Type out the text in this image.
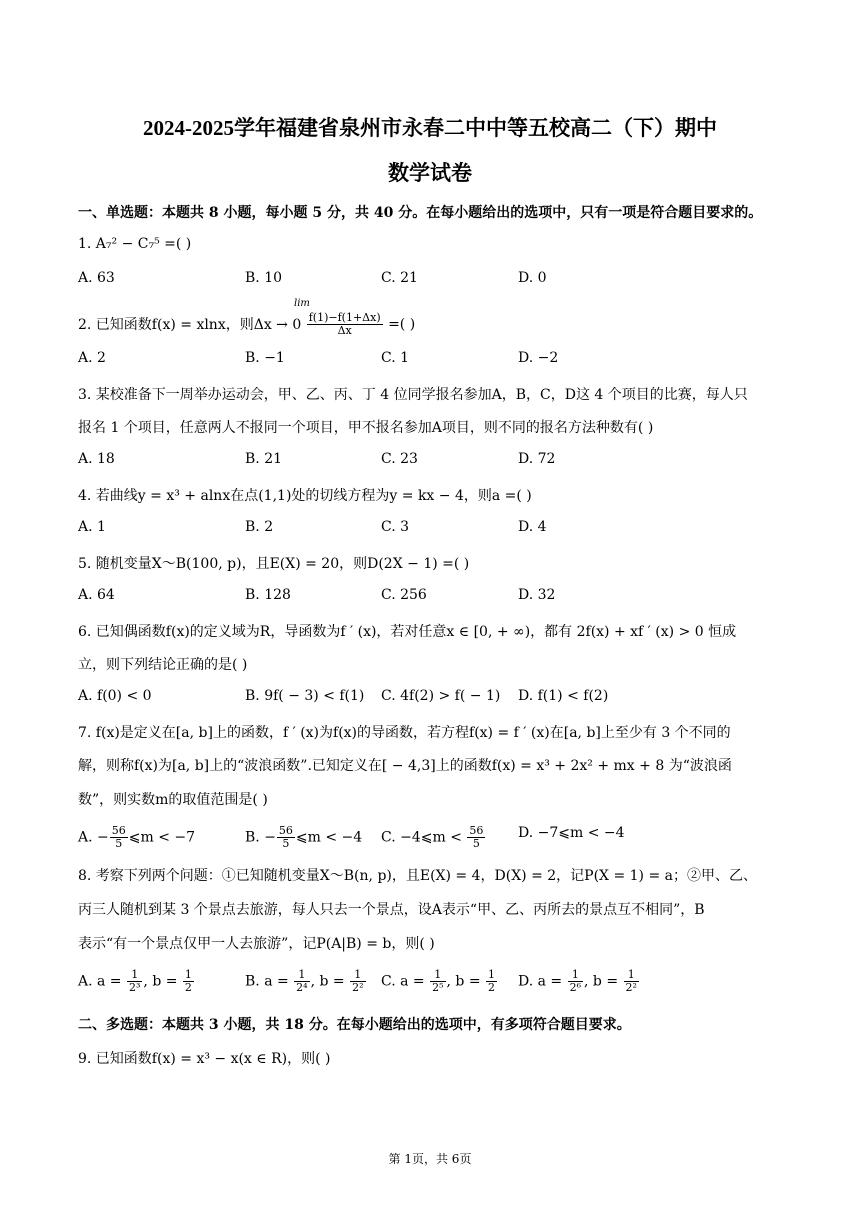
2024-2025学年福建省泉州市永春二中中等五校高二（下）期中
数学试卷
一、单选题：本题共 8 小题，每小题 5 分，共 40 分。在每小题给出的选项中，只有一项是符合题目要求的。
1. A₇² − C₇⁵ =( )
A. 63	B. 10	C. 21	D. 0
2. 已知函数f(x) = xlnx，则Δx → 0
lim

$\frac{f(1)-f(1+\Delta x)}{\Delta x}$ =( )
A. 2	B. −1	C. 1	D. −2
3. 某校准备下一周举办运动会，甲、乙、丙、丁 4 位同学报名参加A，B，C，D这 4 个项目的比赛，每人只
报名 1 个项目，任意两人不报同一个项目，甲不报名参加A项目，则不同的报名方法种数有( )
A. 18	B. 21	C. 23	D. 72
4. 若曲线y = x³ + alnx在点(1,1)处的切线方程为y = kx − 4，则a =( )
A. 1	B. 2	C. 3	D. 4
5. 随机变量X～B(100, p)，且E(X) = 20，则D(2X − 1) =( )
A. 64	B. 128	C. 256	D. 32
6. 已知偶函数f(x)的定义域为R，导函数为f ′ (x)，若对任意x ∈ [0, + ∞)，都有 2f(x) + xf ′ (x) > 0 恒成
立，则下列结论正确的是( )
A. f(0) < 0	B. 9f( − 3) < f(1) C. 4f(2) > f( − 1) D. f(1) < f(2)
7. f(x)是定义在[a, b]上的函数，f ′ (x)为f(x)的导函数，若方程f(x) = f ′ (x)在[a, b]上至少有 3 个不同的
解，则称f(x)为[a, b]上的“波浪函数”.已知定义在[ − 4,3]上的函数f(x) = x³ + 2x² + mx + 8 为“波浪函
数”，则实数m的取值范围是( )
A. − $\frac{56}{5}$ ⩽m < −7	B. − $\frac{56}{5}$ ⩽m < −4 C. −4⩽m < $\frac{56}{5} D$. −7⩽m < −4
8. 考察下列两个问题：①已知随机变量X～B(n, p)，且E(X) = 4，D(X) = 2，记P(X = 1) = a；②甲、乙、
丙三人随机到某 3 个景点去旅游，每人只去一个景点，设A表示“甲、乙、丙所去的景点互不相同”，B
表示“有一个景点仅甲一人去旅游”，记P(A|B) = b，则( )
A. $a = \frac{1}{\text{2³}}$ , $b = \frac{1}{2}$	B. $a = \frac{1}{\text{2⁴}}$ , $b = \frac{1}{\text{2²}} C$. $a = \frac{1}{\text{2⁵}}$ , $b = \frac{1}{2} D$. $a = \frac{1}{\text{2⁶}}$ , $b = \frac{1}{\text{2²}}$
二、多选题：本题共 3 小题，共 18 分。在每小题给出的选项中，有多项符合题目要求。
9. 已知函数f(x) = x³ − x(x ∈ R)，则( )
第 1页，共 6页
